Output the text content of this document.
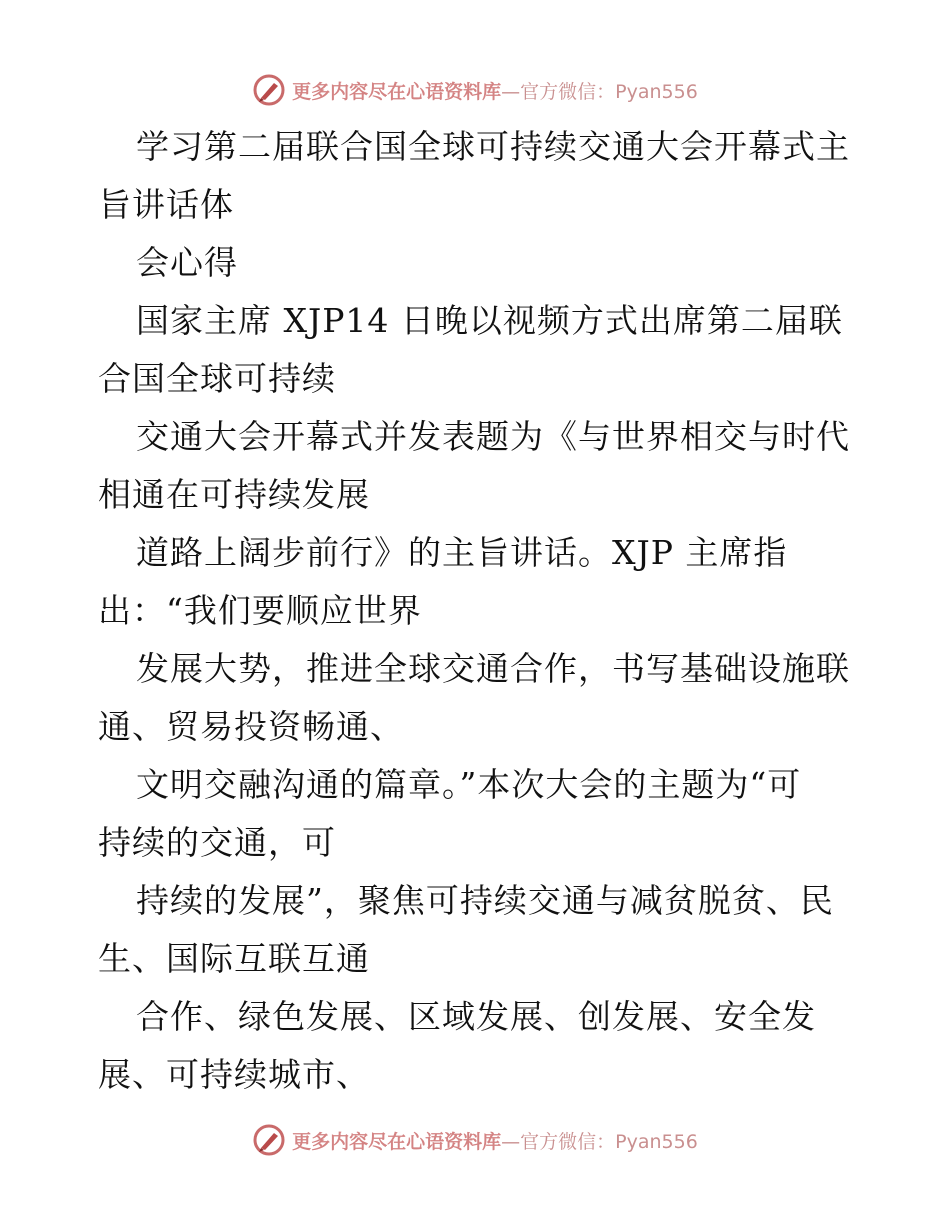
更多内容尽在心语资料库—官方微信：Pyan556
学习第二届联合国全球可持续交通大会开幕式主
旨讲话体
会心得
国家主席 XJP14 日晚以视频方式出席第二届联
合国全球可持续
交通大会开幕式并发表题为《与世界相交与时代
相通在可持续发展
道路上阔步前行》的主旨讲话。XJP 主席指
出：“我们要顺应世界
发展大势，推进全球交通合作，书写基础设施联
通、贸易投资畅通、
文明交融沟通的篇章。”本次大会的主题为“可
持续的交通，可
持续的发展”，聚焦可持续交通与减贫脱贫、民
生、国际互联互通
合作、绿色发展、区域发展、创发展、安全发
展、可持续城市、
更多内容尽在心语资料库—官方微信：Pyan556
